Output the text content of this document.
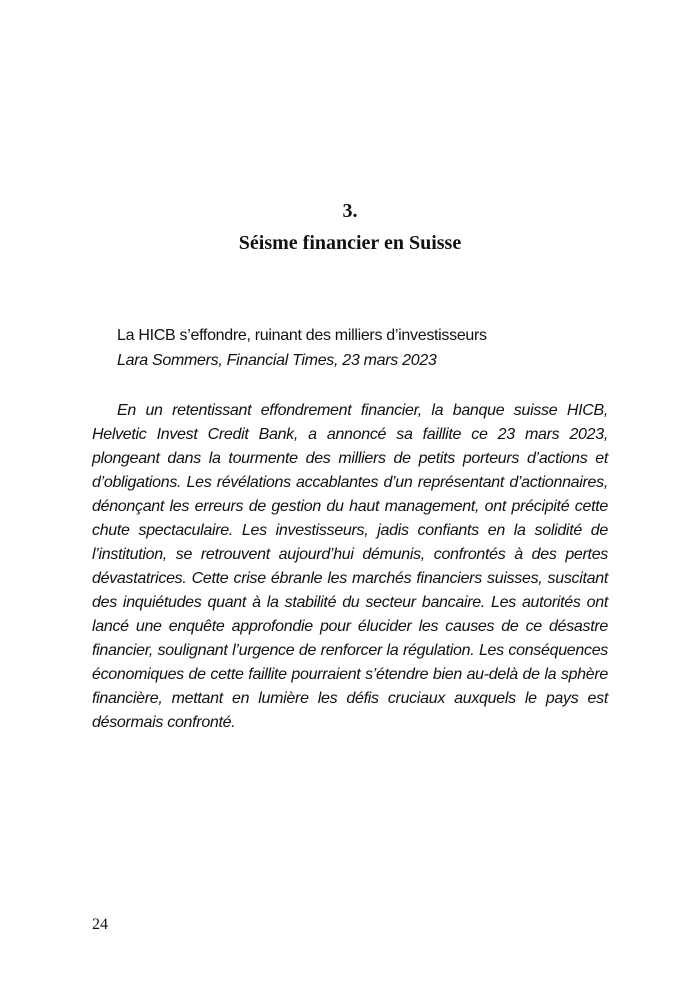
3.
Séisme financier en Suisse
La HICB s’effondre, ruinant des milliers d’investisseurs
Lara Sommers, Financial Times, 23 mars 2023

En un retentissant effondrement financier, la banque suisse HICB, Helvetic Invest Credit Bank, a annoncé sa faillite ce 23 mars 2023, plongeant dans la tourmente des milliers de petits porteurs d’actions et d’obligations. Les révélations accablantes d’un représentant d’actionnaires, dénonçant les erreurs de gestion du haut management, ont précipité cette chute spectaculaire. Les investisseurs, jadis confiants en la solidité de l’institution, se retrouvent aujourd’hui démunis, confrontés à des pertes dévastatrices. Cette crise ébranle les marchés financiers suisses, suscitant des inquiétudes quant à la stabilité du secteur bancaire. Les autorités ont lancé une enquête approfondie pour élucider les causes de ce désastre financier, soulignant l’urgence de renforcer la régulation. Les conséquences économiques de cette faillite pourraient s’étendre bien au-delà de la sphère financière, mettant en lumière les défis cruciaux auxquels le pays est désormais confronté.

24
